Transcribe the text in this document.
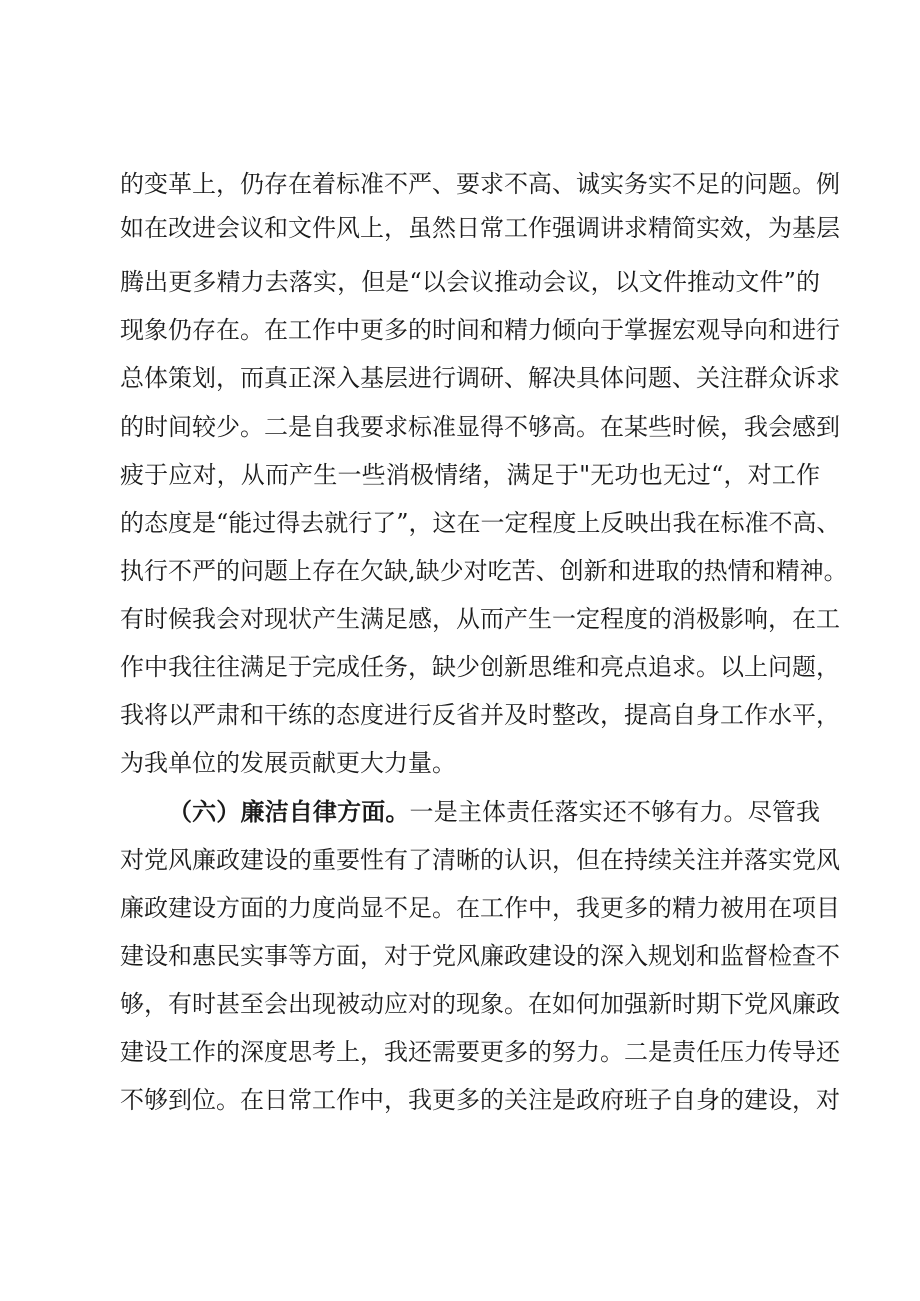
的变革上，仍存在着标准不严、要求不高、诚实务实不足的问题。例
如在改进会议和文件风上，虽然日常工作强调讲求精简实效，为基层
腾出更多精力去落实，但是“以会议推动会议，以文件推动文件”的
现象仍存在。在工作中更多的时间和精力倾向于掌握宏观导向和进行
总体策划，而真正深入基层进行调研、解决具体问题、关注群众诉求
的时间较少。二是自我要求标准显得不够高。在某些时候，我会感到
疲于应对，从而产生一些消极情绪，满足于"无功也无过“，对工作
的态度是“能过得去就行了”，这在一定程度上反映出我在标准不高、
执行不严的问题上存在欠缺,缺少对吃苦、创新和进取的热情和精神。
有时候我会对现状产生满足感，从而产生一定程度的消极影响，在工
作中我往往满足于完成任务，缺少创新思维和亮点追求。以上问题，
我将以严肃和干练的态度进行反省并及时整改，提高自身工作水平，
为我单位的发展贡献更大力量。
（六）廉洁自律方面。一是主体责任落实还不够有力。尽管我
对党风廉政建设的重要性有了清晰的认识，但在持续关注并落实党风
廉政建设方面的力度尚显不足。在工作中，我更多的精力被用在项目
建设和惠民实事等方面，对于党风廉政建设的深入规划和监督检查不
够，有时甚至会出现被动应对的现象。在如何加强新时期下党风廉政
建设工作的深度思考上，我还需要更多的努力。二是责任压力传导还
不够到位。在日常工作中，我更多的关注是政府班子自身的建设，对
